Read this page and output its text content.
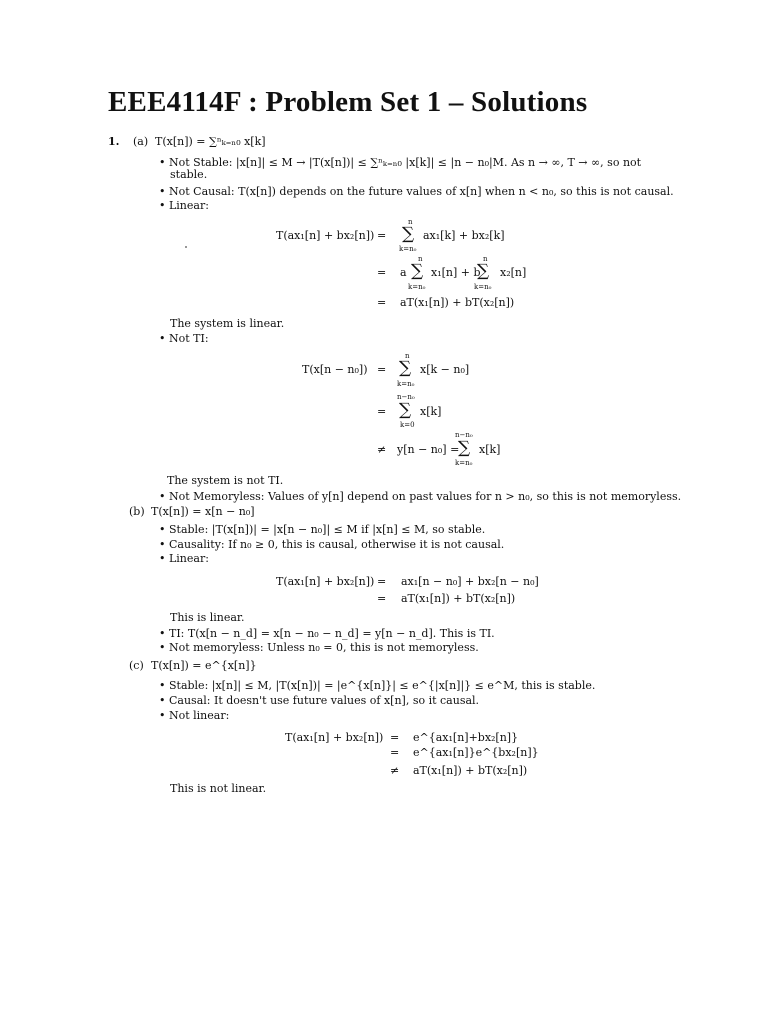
EEE4114F : Problem Set 1 – Solutions
1. (a) T(x[n]) = ∑ⁿₖ₌ₙ₀ x[k]
• Not Stable: |x[n]| ≤ M → |T(x[n])| ≤ ∑ⁿₖ₌ₙ₀ |x[k]| ≤ |n − n₀|M. As n → ∞, T → ∞, so not
stable.
• Not Causal: T(x[n]) depends on the future values of x[n] when n < n₀, so this is not causal.
• Linear:
T(ax₁[n] + bx₂[n]) =
n
∑
k=n₀
ax₁[k] + bx₂[k]
= a
n
∑
k=n₀
x₁[n] + b
n
∑
k=n₀
x₂[n]
= aT(x₁[n]) + bT(x₂[n])
The system is linear.
• Not TI:
T(x[n − n₀]) =
n
∑
k=n₀
x[k − n₀]
=
n−n₀
∑
k=0
x[k]
≠ y[n − n₀] =
n−n₀
∑
k=n₀
x[k]
The system is not TI.
• Not Memoryless: Values of y[n] depend on past values for n > n₀, so this is not memoryless.
(b) T(x[n]) = x[n − n₀]
• Stable: |T(x[n])| = |x[n − n₀]| ≤ M if |x[n] ≤ M, so stable.
• Causality: If n₀ ≥ 0, this is causal, otherwise it is not causal.
• Linear:
T(ax₁[n] + bx₂[n]) = ax₁[n − n₀] + bx₂[n − n₀]
= aT(x₁[n]) + bT(x₂[n])
This is linear.
• TI: T(x[n − n_d] = x[n − n₀ − n_d] = y[n − n_d]. This is TI.
• Not memoryless: Unless n₀ = 0, this is not memoryless.
(c) T(x[n]) = e^{x[n]}
• Stable: |x[n]| ≤ M, |T(x[n])| = |e^{x[n]}| ≤ e^{|x[n]|} ≤ e^M, this is stable.
• Causal: It doesn't use future values of x[n], so it causal.
• Not linear:
T(ax₁[n] + bx₂[n]) = e^{ax₁[n]+bx₂[n]}
= e^{ax₁[n]}e^{bx₂[n]}
≠ aT(x₁[n]) + bT(x₂[n])
This is not linear.
